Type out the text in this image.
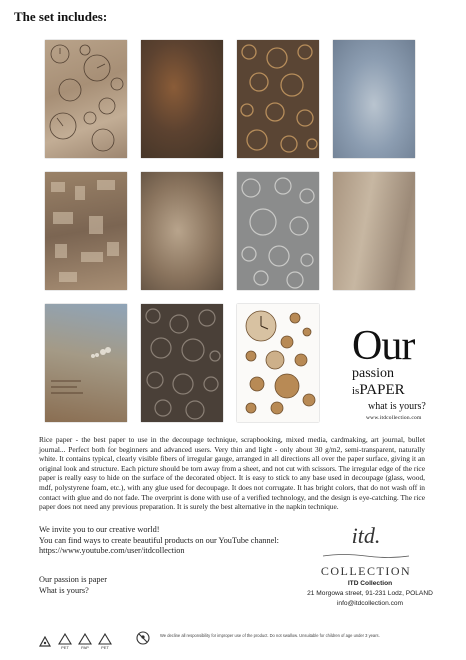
The set includes:
Our
passion
isPAPER
what is yours?
www.itdcollection.com
Rice paper - the best paper to use in the decoupage technique, scrapbooking, mixed media, cardmaking, art journal, bullet journal... Perfect both for beginners and advanced users. Very thin and light - only about 30 g/m2, semi-transparent, naturally white. It contains typical, clearly visible fibers of irregular gauge, arranged in all directions all over the paper surface, giving it an original look and structure. Each picture should be torn away from a sheet, and not cut with scissors. The irregular edge of the rice paper is really easy to hide on the surface of the decorated object. It is easy to stick to any base used in decoupage (glass, wood, mdf, polystyrene foam, etc.), with any glue used for decoupage. It does not corrugate. It has bright colors, that do not wash off in contact with glue and do not fade. The overprint is done with use of a verified technology, and the design is eye-catching. The rice paper does not need any previous preparation. It is surely the best alternative in the napkin technique.
We invite you to our creative world!
You can find ways to create beautiful products on our YouTube channel:
https://www.youtube.com/user/itdcollection
itd.
COLLECTION
Our passion is paper
What is yours?
ITD Collection
21 Morgowa street, 91-231 Lodz, POLAND
info@itdcollection.com
PET	PAP	PET
We decline all responsibility for improper use of the product. Do not swallow. Unsuitable for children of age under 3 years.
